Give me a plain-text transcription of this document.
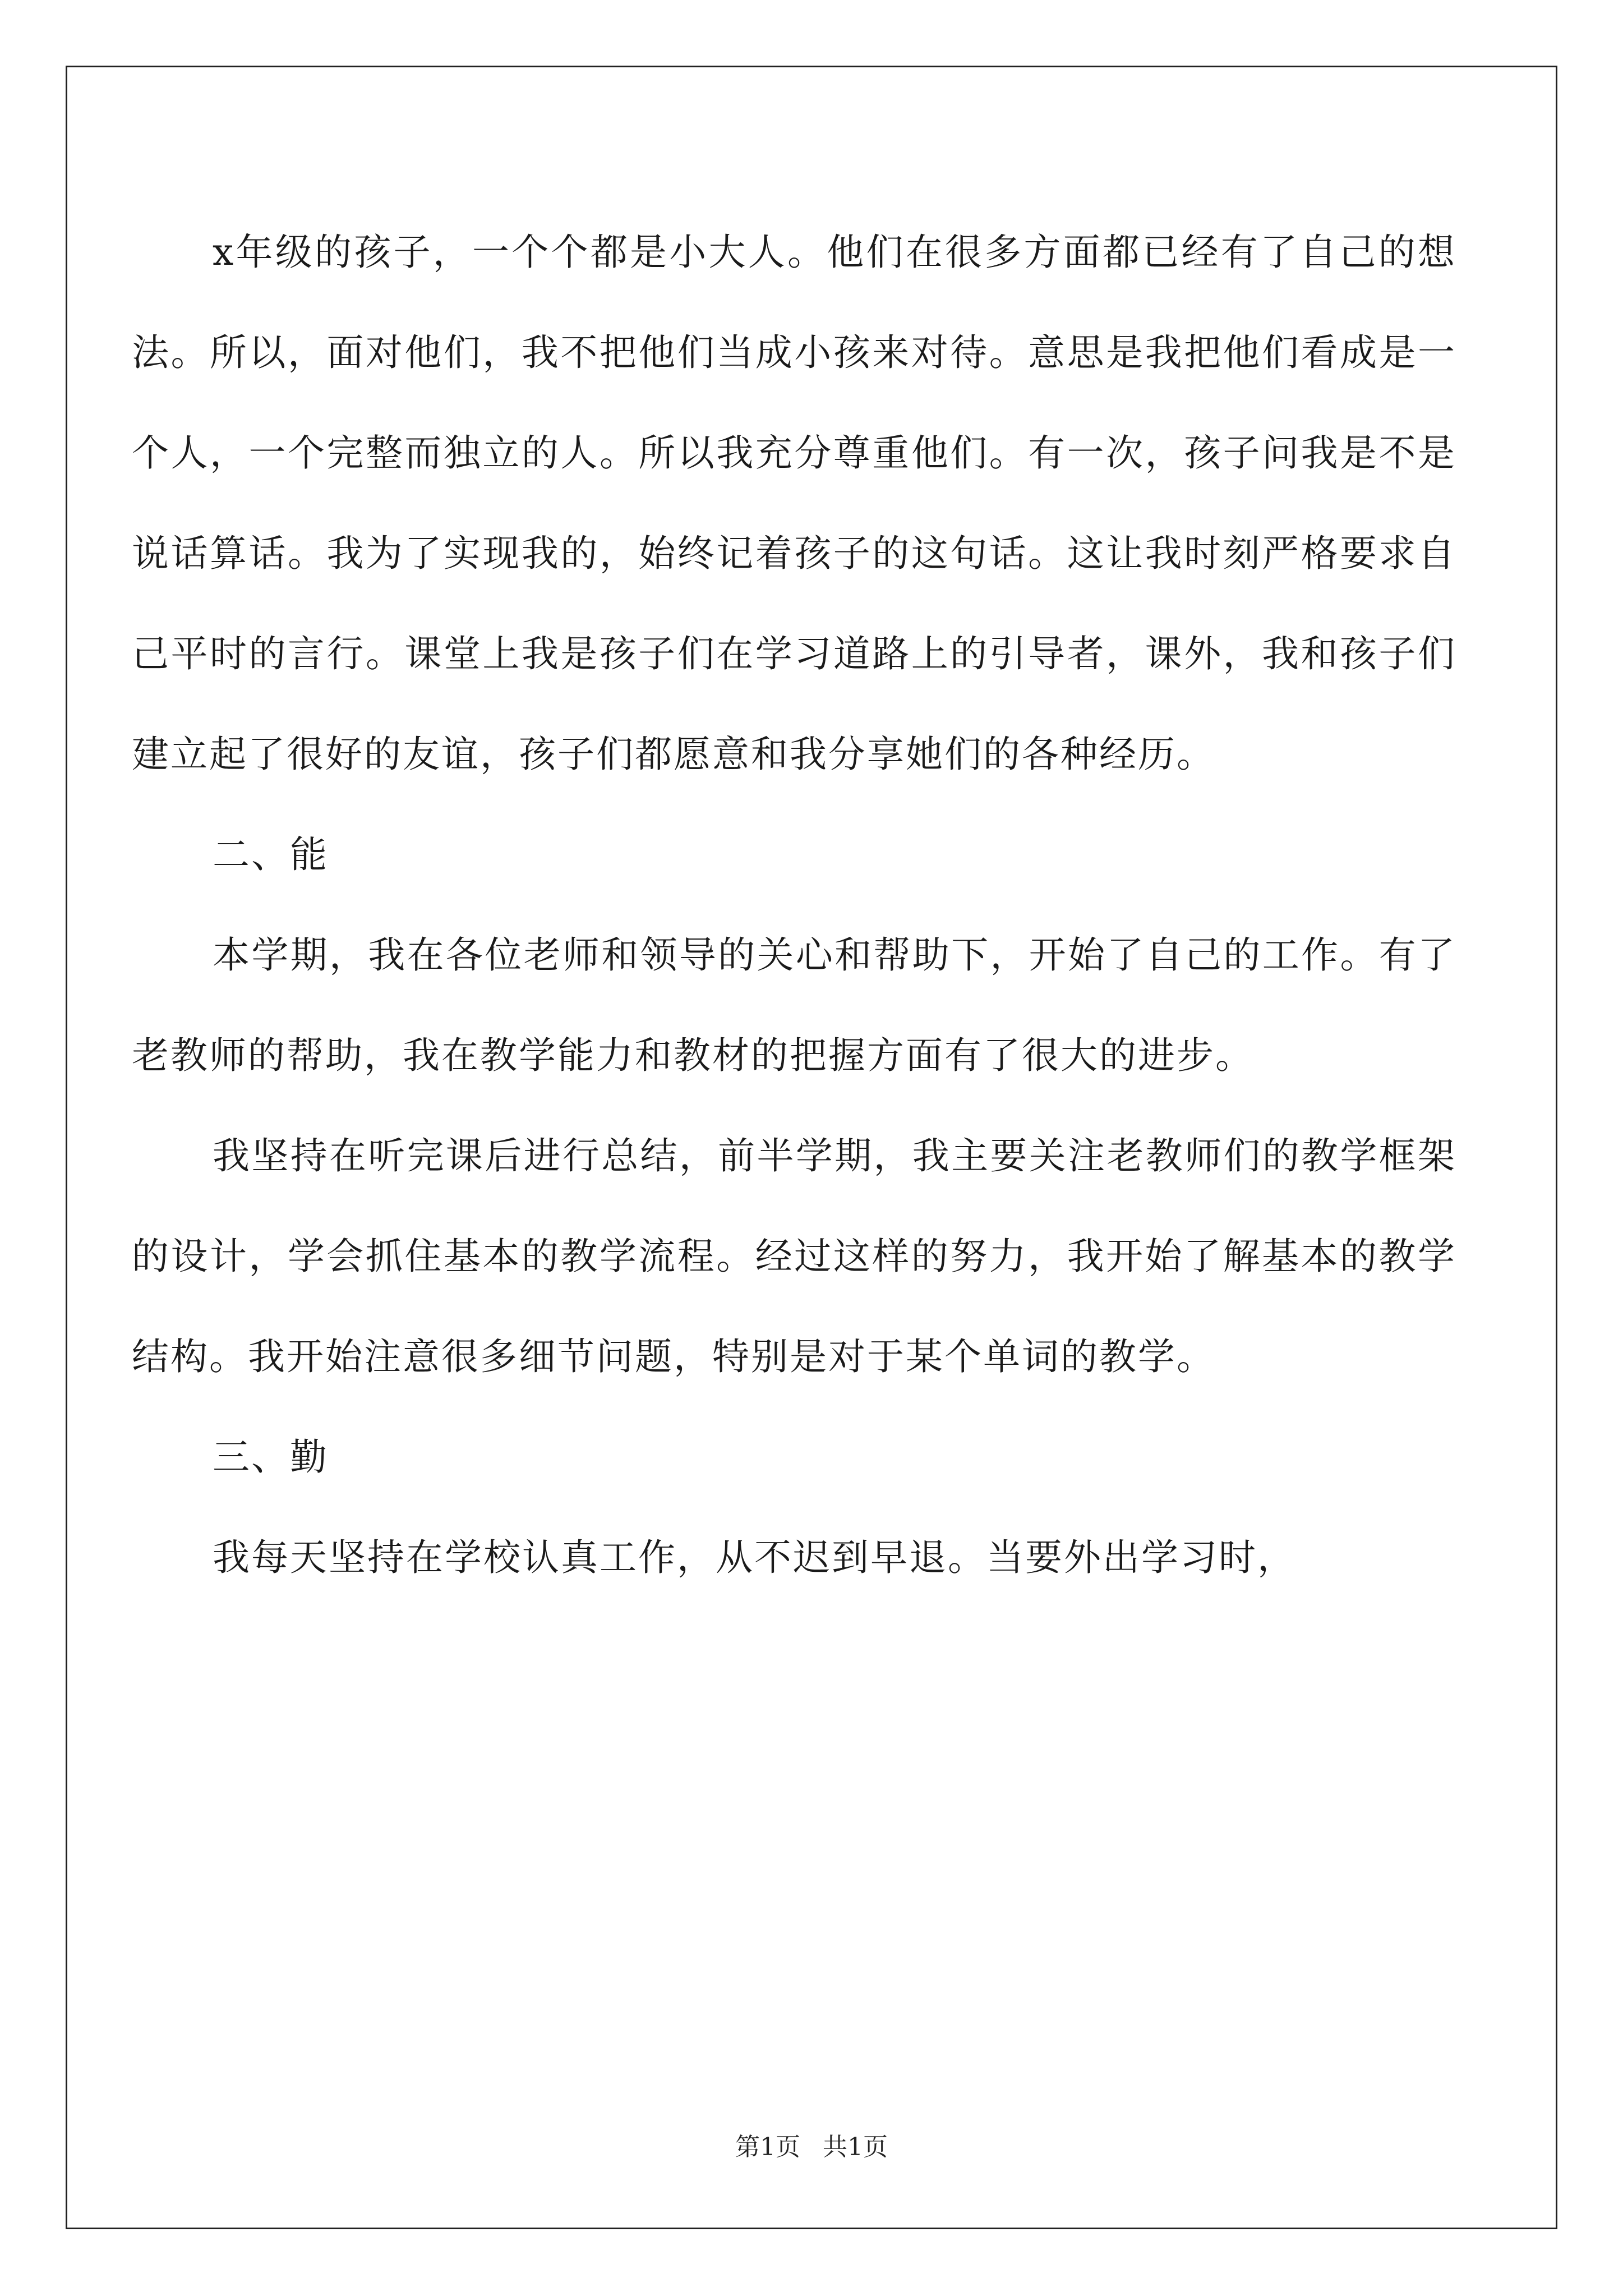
x年级的孩子，一个个都是小大人。他们在很多方面都已经有了自己的想法。所以，面对他们，我不把他们当成小孩来对待。意思是我把他们看成是一个人，一个完整而独立的人。所以我充分尊重他们。有一次，孩子问我是不是说话算话。我为了实现我的，始终记着孩子的这句话。这让我时刻严格要求自己平时的言行。课堂上我是孩子们在学习道路上的引导者，课外，我和孩子们建立起了很好的友谊，孩子们都愿意和我分享她们的各种经历。

二、能

本学期，我在各位老师和领导的关心和帮助下，开始了自己的工作。有了老教师的帮助，我在教学能力和教材的把握方面有了很大的进步。

我坚持在听完课后进行总结，前半学期，我主要关注老教师们的教学框架的设计，学会抓住基本的教学流程。经过这样的努力，我开始了解基本的教学结构。我开始注意很多细节问题，特别是对于某个单词的教学。

三、勤

我每天坚持在学校认真工作，从不迟到早退。当要外出学习时，

第1页 共1页
